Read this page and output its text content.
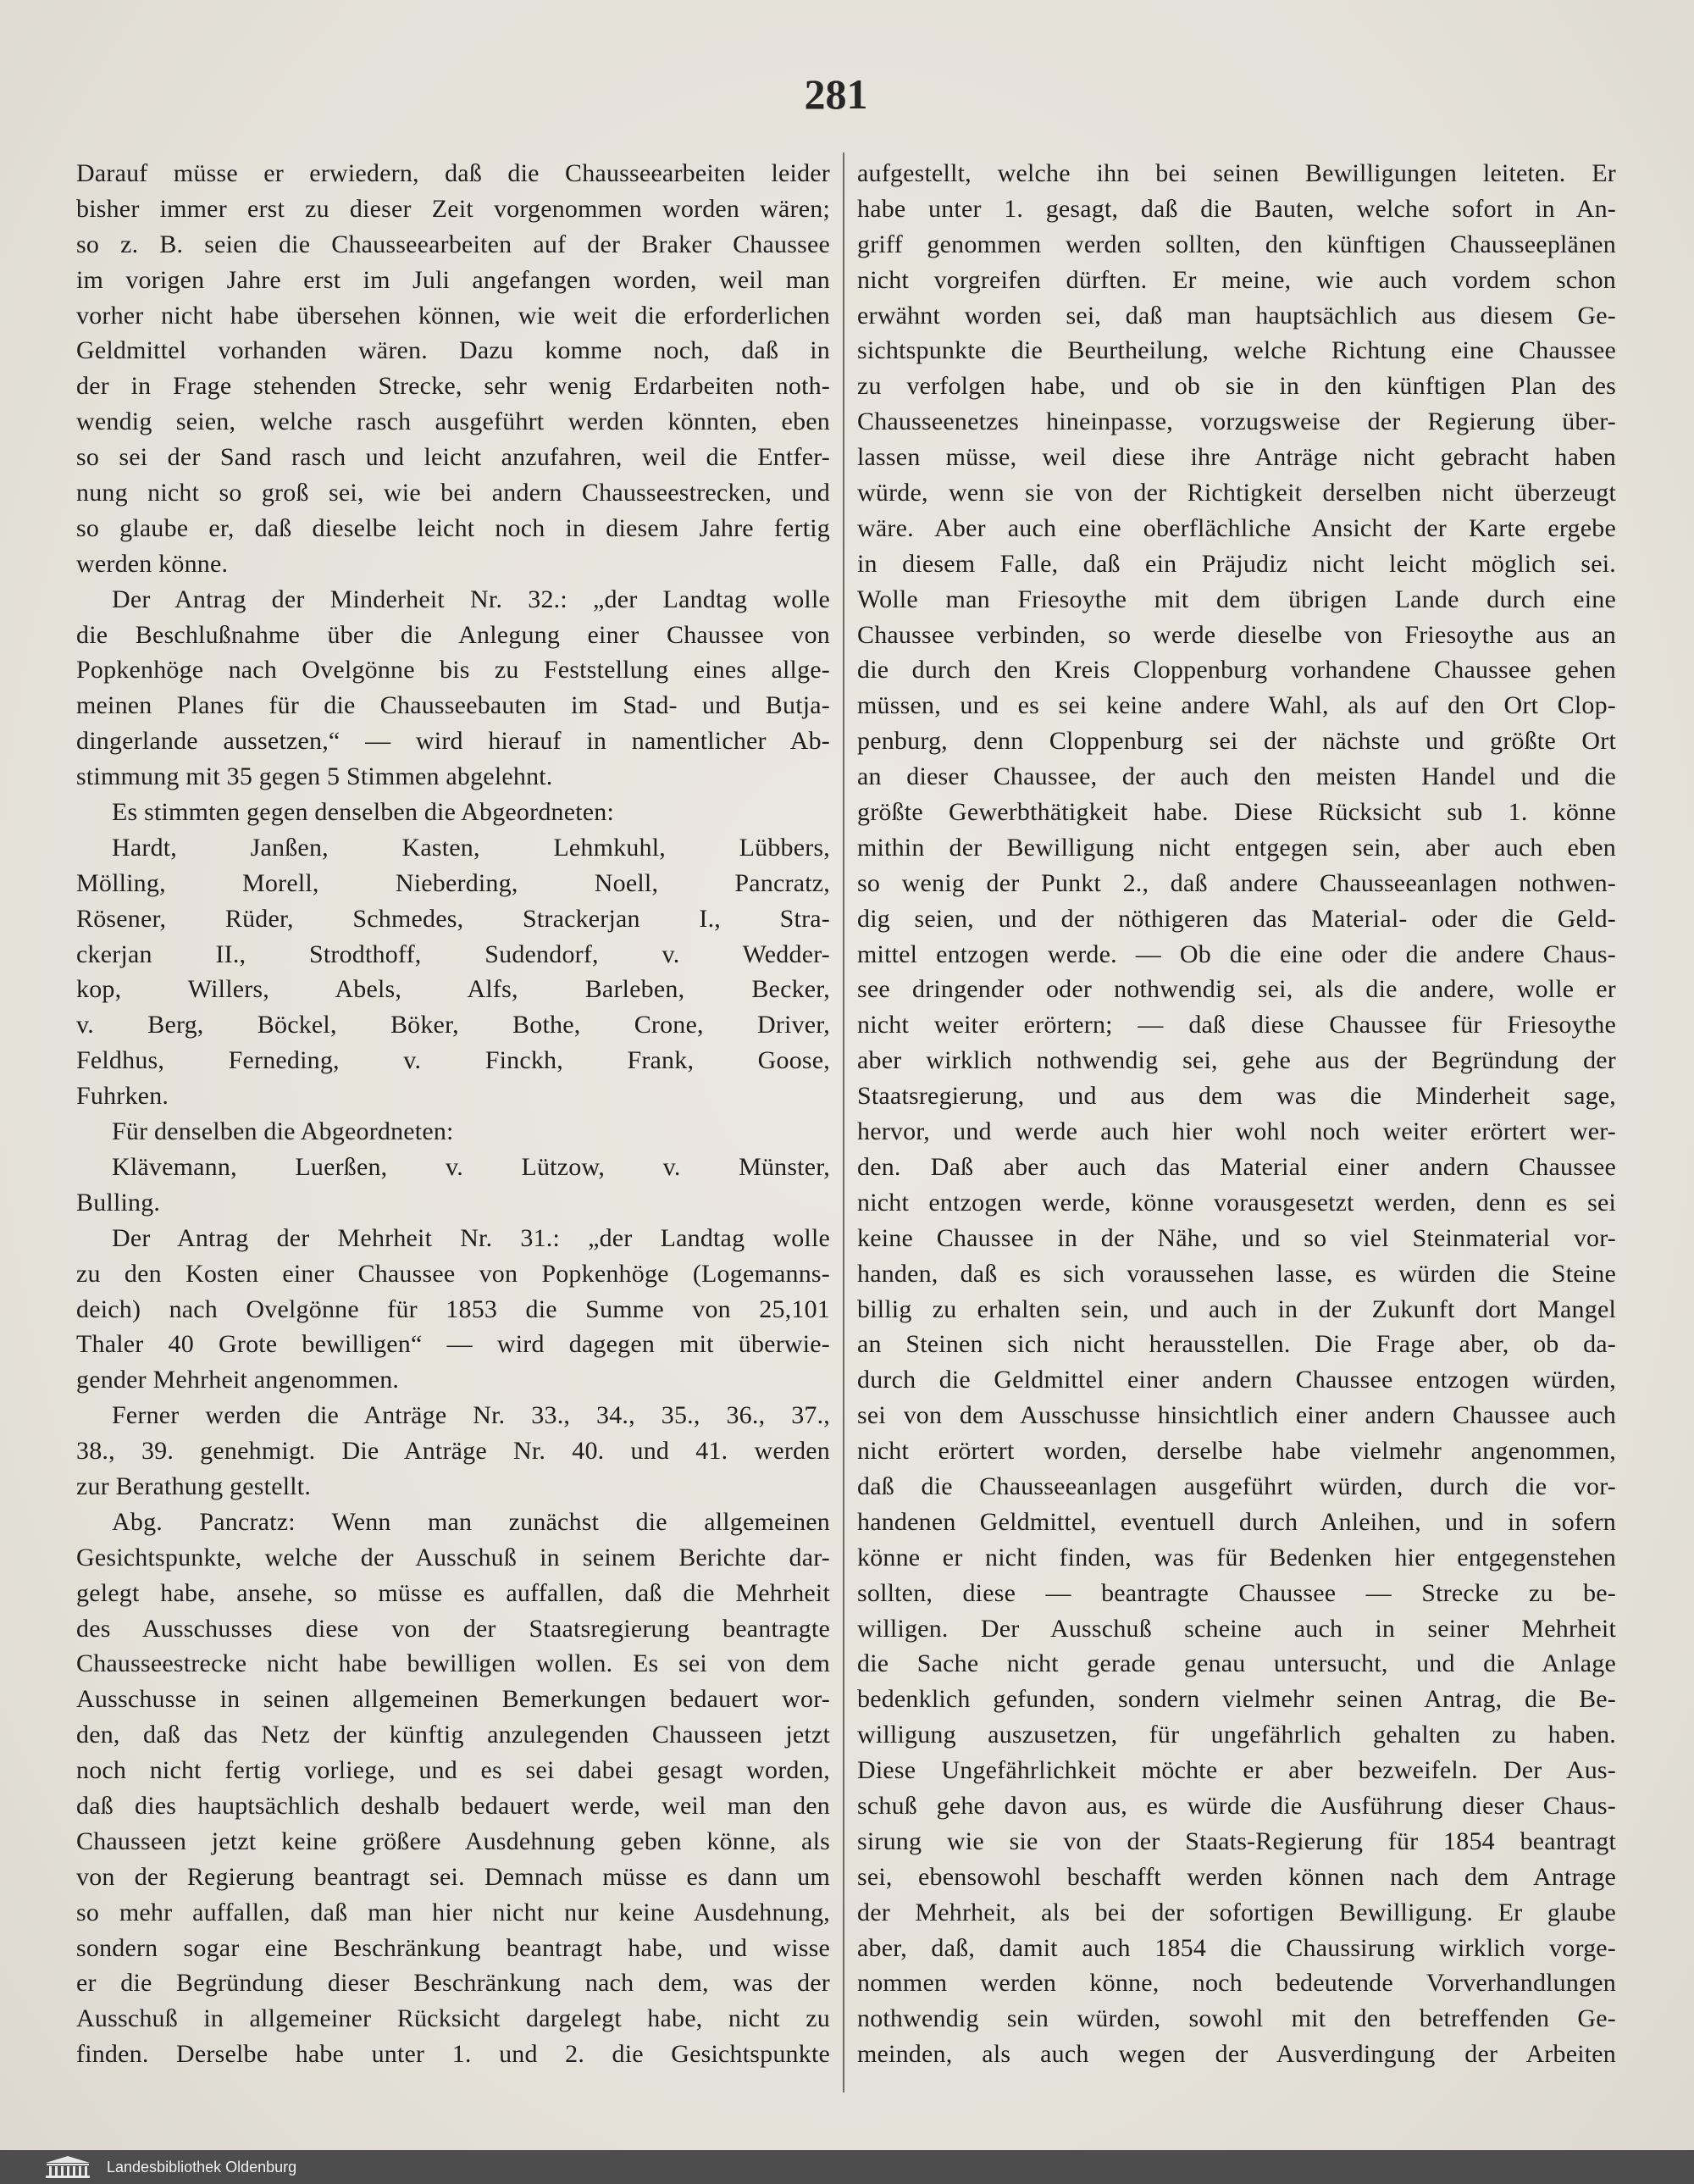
281
Darauf müsse er erwiedern, daß die Chausseearbeiten leider
bisher immer erst zu dieser Zeit vorgenommen worden wären;
so z. B. seien die Chausseearbeiten auf der Braker Chaussee
im vorigen Jahre erst im Juli angefangen worden, weil man
vorher nicht habe übersehen können, wie weit die erforderlichen
Geldmittel vorhanden wären. Dazu komme noch, daß in
der in Frage stehenden Strecke, sehr wenig Erdarbeiten noth-
wendig seien, welche rasch ausgeführt werden könnten, eben
so sei der Sand rasch und leicht anzufahren, weil die Entfer-
nung nicht so groß sei, wie bei andern Chausseestrecken, und
so glaube er, daß dieselbe leicht noch in diesem Jahre fertig
werden könne.
Der Antrag der Minderheit Nr. 32.: „der Landtag wolle
die Beschlußnahme über die Anlegung einer Chaussee von
Popkenhöge nach Ovelgönne bis zu Feststellung eines allge-
meinen Planes für die Chausseebauten im Stad- und Butja-
dingerlande aussetzen,“ — wird hierauf in namentlicher Ab-
stimmung mit 35 gegen 5 Stimmen abgelehnt.
Es stimmten gegen denselben die Abgeordneten:
Hardt, Janßen, Kasten, Lehmkuhl, Lübbers,
Mölling, Morell, Nieberding, Noell, Pancratz,
Rösener, Rüder, Schmedes, Strackerjan I., Stra-
ckerjan II., Strodthoff, Sudendorf, v. Wedder-
kop, Willers, Abels, Alfs, Barleben, Becker,
v. Berg, Böckel, Böker, Bothe, Crone, Driver,
Feldhus, Ferneding, v. Finckh, Frank, Goose,
Fuhrken.
Für denselben die Abgeordneten:
Klävemann, Luerßen, v. Lützow, v. Münster,
Bulling.
Der Antrag der Mehrheit Nr. 31.: „der Landtag wolle
zu den Kosten einer Chaussee von Popkenhöge (Logemanns-
deich) nach Ovelgönne für 1853 die Summe von 25,101
Thaler 40 Grote bewilligen“ — wird dagegen mit überwie-
gender Mehrheit angenommen.
Ferner werden die Anträge Nr. 33., 34., 35., 36., 37.,
38., 39. genehmigt. Die Anträge Nr. 40. und 41. werden
zur Berathung gestellt.
Abg. Pancratz: Wenn man zunächst die allgemeinen
Gesichtspunkte, welche der Ausschuß in seinem Berichte dar-
gelegt habe, ansehe, so müsse es auffallen, daß die Mehrheit
des Ausschusses diese von der Staatsregierung beantragte
Chausseestrecke nicht habe bewilligen wollen. Es sei von dem
Ausschusse in seinen allgemeinen Bemerkungen bedauert wor-
den, daß das Netz der künftig anzulegenden Chausseen jetzt
noch nicht fertig vorliege, und es sei dabei gesagt worden,
daß dies hauptsächlich deshalb bedauert werde, weil man den
Chausseen jetzt keine größere Ausdehnung geben könne, als
von der Regierung beantragt sei. Demnach müsse es dann um
so mehr auffallen, daß man hier nicht nur keine Ausdehnung,
sondern sogar eine Beschränkung beantragt habe, und wisse
er die Begründung dieser Beschränkung nach dem, was der
Ausschuß in allgemeiner Rücksicht dargelegt habe, nicht zu
finden. Derselbe habe unter 1. und 2. die Gesichtspunkte
aufgestellt, welche ihn bei seinen Bewilligungen leiteten. Er
habe unter 1. gesagt, daß die Bauten, welche sofort in An-
griff genommen werden sollten, den künftigen Chausseeplänen
nicht vorgreifen dürften. Er meine, wie auch vordem schon
erwähnt worden sei, daß man hauptsächlich aus diesem Ge-
sichtspunkte die Beurtheilung, welche Richtung eine Chaussee
zu verfolgen habe, und ob sie in den künftigen Plan des
Chausseenetzes hineinpasse, vorzugsweise der Regierung über-
lassen müsse, weil diese ihre Anträge nicht gebracht haben
würde, wenn sie von der Richtigkeit derselben nicht überzeugt
wäre. Aber auch eine oberflächliche Ansicht der Karte ergebe
in diesem Falle, daß ein Präjudiz nicht leicht möglich sei.
Wolle man Friesoythe mit dem übrigen Lande durch eine
Chaussee verbinden, so werde dieselbe von Friesoythe aus an
die durch den Kreis Cloppenburg vorhandene Chaussee gehen
müssen, und es sei keine andere Wahl, als auf den Ort Clop-
penburg, denn Cloppenburg sei der nächste und größte Ort
an dieser Chaussee, der auch den meisten Handel und die
größte Gewerbthätigkeit habe. Diese Rücksicht sub 1. könne
mithin der Bewilligung nicht entgegen sein, aber auch eben
so wenig der Punkt 2., daß andere Chausseeanlagen nothwen-
dig seien, und der nöthigeren das Material- oder die Geld-
mittel entzogen werde. — Ob die eine oder die andere Chaus-
see dringender oder nothwendig sei, als die andere, wolle er
nicht weiter erörtern; — daß diese Chaussee für Friesoythe
aber wirklich nothwendig sei, gehe aus der Begründung der
Staatsregierung, und aus dem was die Minderheit sage,
hervor, und werde auch hier wohl noch weiter erörtert wer-
den. Daß aber auch das Material einer andern Chaussee
nicht entzogen werde, könne vorausgesetzt werden, denn es sei
keine Chaussee in der Nähe, und so viel Steinmaterial vor-
handen, daß es sich voraussehen lasse, es würden die Steine
billig zu erhalten sein, und auch in der Zukunft dort Mangel
an Steinen sich nicht herausstellen. Die Frage aber, ob da-
durch die Geldmittel einer andern Chaussee entzogen würden,
sei von dem Ausschusse hinsichtlich einer andern Chaussee auch
nicht erörtert worden, derselbe habe vielmehr angenommen,
daß die Chausseeanlagen ausgeführt würden, durch die vor-
handenen Geldmittel, eventuell durch Anleihen, und in sofern
könne er nicht finden, was für Bedenken hier entgegenstehen
sollten, diese — beantragte Chaussee — Strecke zu be-
willigen. Der Ausschuß scheine auch in seiner Mehrheit
die Sache nicht gerade genau untersucht, und die Anlage
bedenklich gefunden, sondern vielmehr seinen Antrag, die Be-
willigung auszusetzen, für ungefährlich gehalten zu haben.
Diese Ungefährlichkeit möchte er aber bezweifeln. Der Aus-
schuß gehe davon aus, es würde die Ausführung dieser Chaus-
sirung wie sie von der Staats-Regierung für 1854 beantragt
sei, ebensowohl beschafft werden können nach dem Antrage
der Mehrheit, als bei der sofortigen Bewilligung. Er glaube
aber, daß, damit auch 1854 die Chaussirung wirklich vorge-
nommen werden könne, noch bedeutende Vorverhandlungen
nothwendig sein würden, sowohl mit den betreffenden Ge-
meinden, als auch wegen der Ausverdingung der Arbeiten
Landesbibliothek Oldenburg
